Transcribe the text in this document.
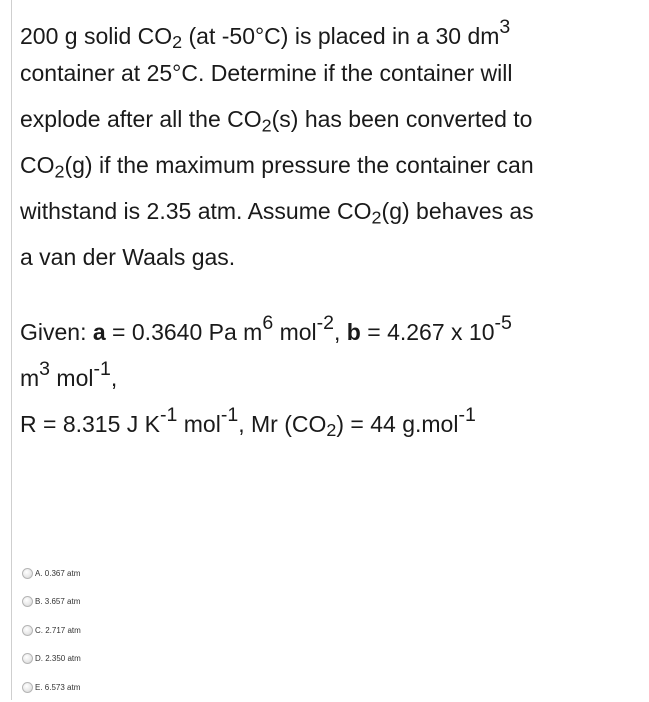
200 g solid $CO_2$ (at -50°C) is placed in a 30 $dm^3$
container at 25°C. Determine if the container will
explode after all the $CO_2(s)$ has been converted to
$CO_2(g)$ if the maximum pressure the container can
withstand is 2.35 atm. Assume $CO_2(g)$ behaves as
a van der Waals gas.
Given: a = 0.3640 Pa $m^6$ mol$^{-2}$, b = 4.267 x $10^{-5}$
$m^3$ mol$^{-1}$,
R = 8.315 J $K^{-1}$ mol$^{-1}$, Mr $(CO_2) = 44$ g.mol$^{-1}$
A. 0.367 atm
B. 3.657 atm
C. 2.717 atm
D. 2.350 atm
E. 6.573 atm
